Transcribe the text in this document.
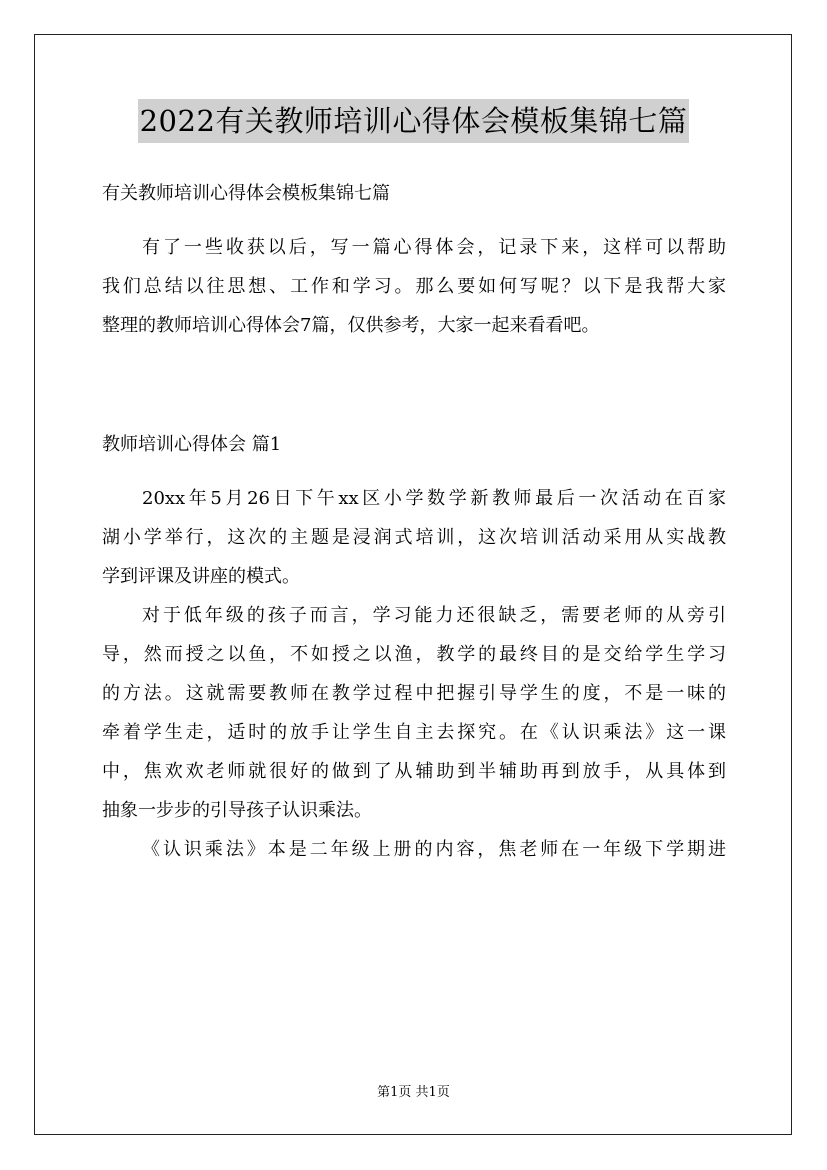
2022有关教师培训心得体会模板集锦七篇
有关教师培训心得体会模板集锦七篇
有了一些收获以后，写一篇心得体会，记录下来，这样可以帮助
我们总结以往思想、工作和学习。那么要如何写呢？以下是我帮大家
整理的教师培训心得体会7篇，仅供参考，大家一起来看看吧。
教师培训心得体会 篇1
20xx年5月26日下午xx区小学数学新教师最后一次活动在百家
湖小学举行，这次的主题是浸润式培训，这次培训活动采用从实战教
学到评课及讲座的模式。
对于低年级的孩子而言，学习能力还很缺乏，需要老师的从旁引
导，然而授之以鱼，不如授之以渔，教学的最终目的是交给学生学习
的方法。这就需要教师在教学过程中把握引导学生的度，不是一味的
牵着学生走，适时的放手让学生自主去探究。在《认识乘法》这一课
中，焦欢欢老师就很好的做到了从辅助到半辅助再到放手，从具体到
抽象一步步的引导孩子认识乘法。
《认识乘法》本是二年级上册的内容，焦老师在一年级下学期进
第1页 共1页
